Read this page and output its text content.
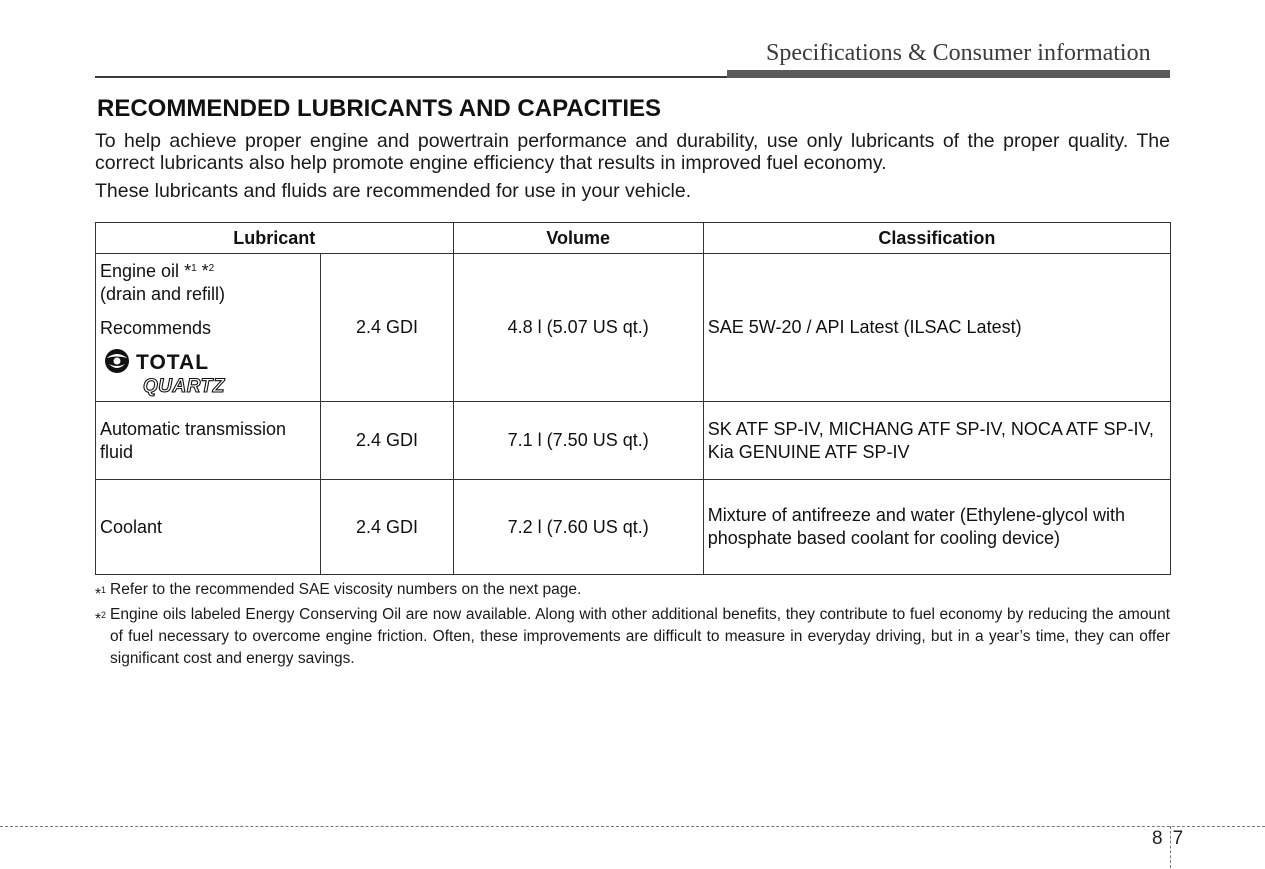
Specifications & Consumer information
RECOMMENDED LUBRICANTS AND CAPACITIES

To help achieve proper engine and powertrain performance and durability, use only lubricants of the proper quality. The correct lubricants also help promote engine efficiency that results in improved fuel economy.

These lubricants and fluids are recommended for use in your vehicle.

Lubricant		Volume	Classification

Engine oil *$^1$ *$^2$
(drain and refill)
Recommends
TOTAL
QUARTZ	2.4 GDI	4.8 l (5.07 US qt.)	SAE 5W-20 / API Latest (ILSAC Latest)
Automatic transmission fluid	2.4 GDI	7.1 l (7.50 US qt.)	SK ATF SP-IV, MICHANG ATF SP-IV, NOCA ATF SP-IV, Kia GENUINE ATF SP-IV
Coolant	2.4 GDI	7.2 l (7.60 US qt.)	Mixture of antifreeze and water (Ethylene-glycol with phosphate based coolant for cooling device)
*$^1$ Refer to the recommended SAE viscosity numbers on the next page.
*$^2$ Engine oils labeled Energy Conserving Oil are now available. Along with other additional benefits, they contribute to fuel economy by reducing the amount of fuel necessary to overcome engine friction. Often, these improvements are difficult to measure in everyday driving, but in a year’s time, they can offer significant cost and energy savings.
8 7
